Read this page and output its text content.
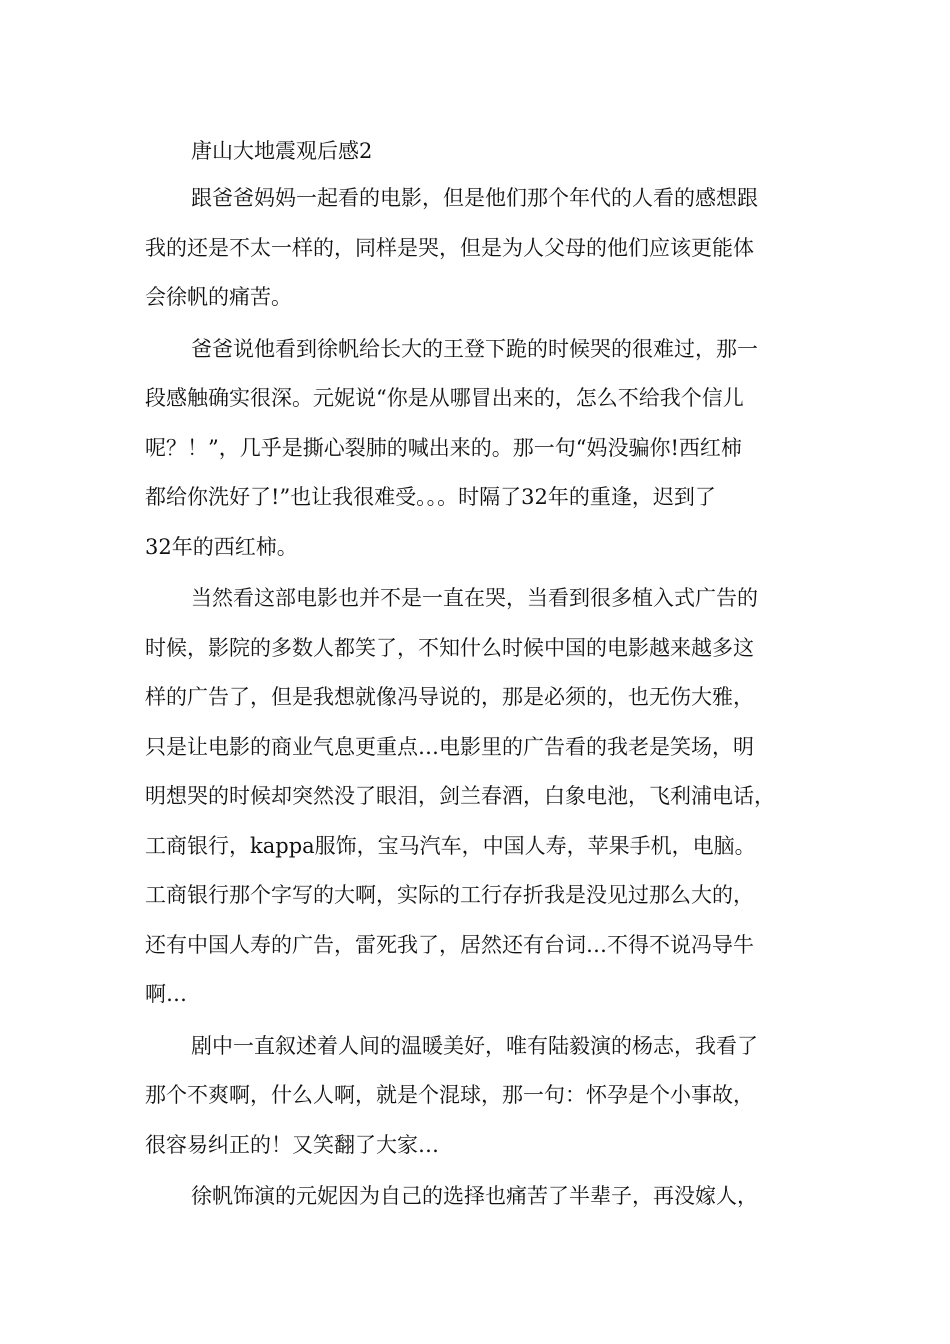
唐山大地震观后感2

跟爸爸妈妈一起看的电影，但是他们那个年代的人看的感想跟
我的还是不太一样的，同样是哭，但是为人父母的他们应该更能体
会徐帆的痛苦。

爸爸说他看到徐帆给长大的王登下跪的时候哭的很难过，那一
段感触确实很深。元妮说“你是从哪冒出来的，怎么不给我个信儿
呢？！”，几乎是撕心裂肺的喊出来的。那一句“妈没骗你!西红柿
都给你洗好了!”也让我很难受。。。时隔了32年的重逢，迟到了
32年的西红柿。

当然看这部电影也并不是一直在哭，当看到很多植入式广告的
时候，影院的多数人都笑了，不知什么时候中国的电影越来越多这
样的广告了，但是我想就像冯导说的，那是必须的，也无伤大雅，
只是让电影的商业气息更重点…电影里的广告看的我老是笑场，明
明想哭的时候却突然没了眼泪，剑兰春酒，白象电池，飞利浦电话，
工商银行，kappa服饰，宝马汽车，中国人寿，苹果手机，电脑。
工商银行那个字写的大啊，实际的工行存折我是没见过那么大的，
还有中国人寿的广告，雷死我了，居然还有台词…不得不说冯导牛
啊…

剧中一直叙述着人间的温暖美好，唯有陆毅演的杨志，我看了
那个不爽啊，什么人啊，就是个混球，那一句：怀孕是个小事故，
很容易纠正的！又笑翻了大家…

徐帆饰演的元妮因为自己的选择也痛苦了半辈子，再没嫁人，
